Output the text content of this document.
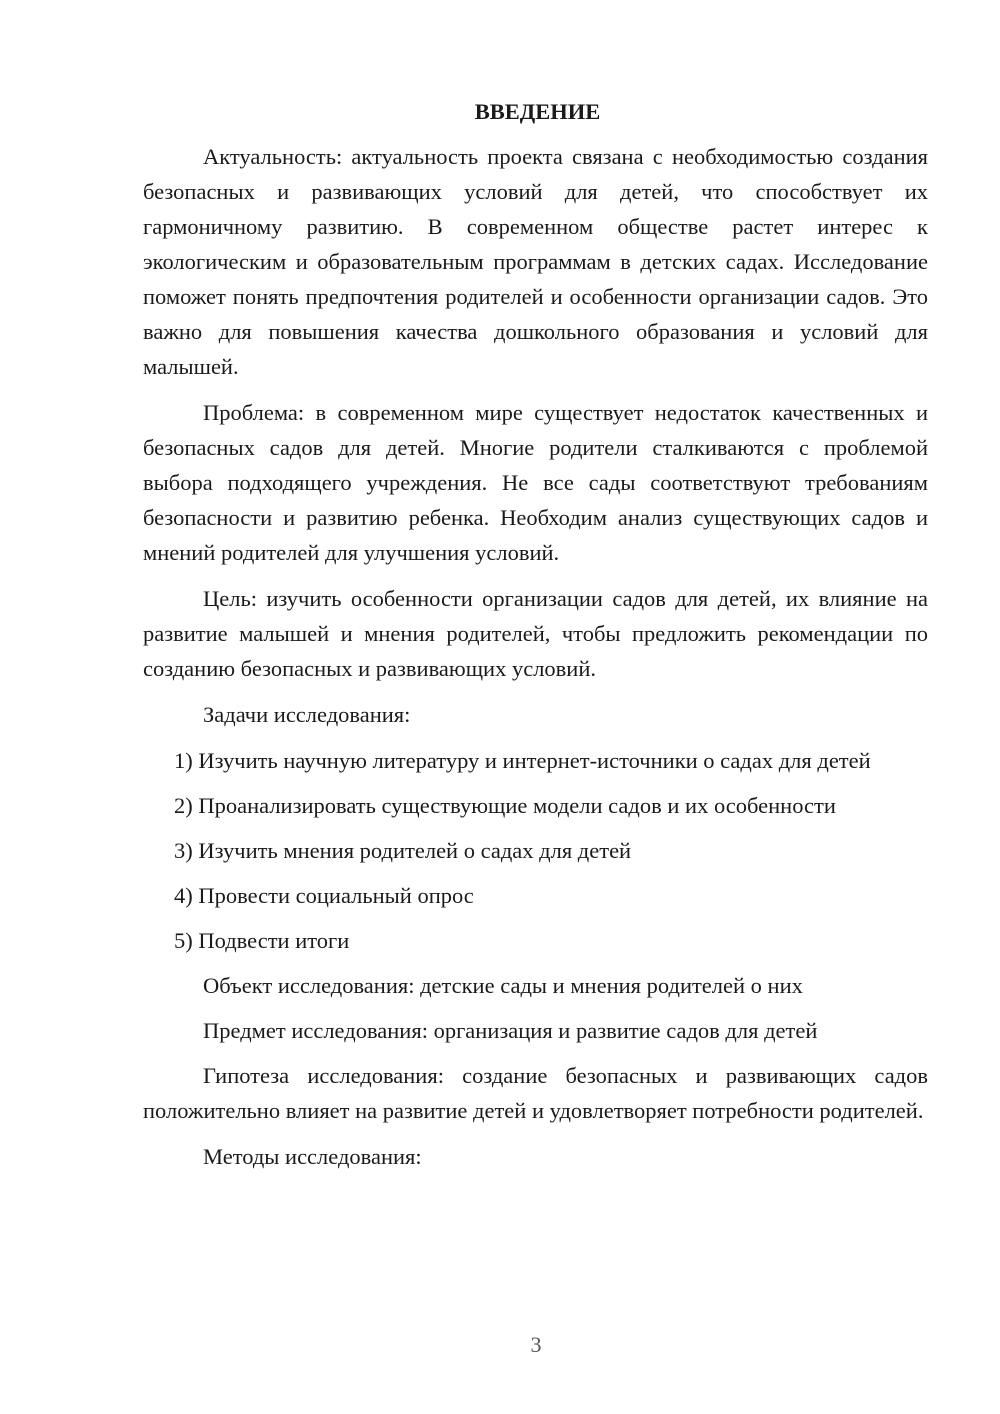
ВВЕДЕНИЕ

Актуальность: актуальность проекта связана с необходимостью создания безопасных и развивающих условий для детей, что способствует их гармоничному развитию. В современном обществе растет интерес к экологическим и образовательным программам в детских садах. Исследование поможет понять предпочтения родителей и особенности организации садов. Это важно для повышения качества дошкольного образования и условий для малышей.

Проблема: в современном мире существует недостаток качественных и безопасных садов для детей. Многие родители сталкиваются с проблемой выбора подходящего учреждения. Не все сады соответствуют требованиям безопасности и развитию ребенка. Необходим анализ существующих садов и мнений родителей для улучшения условий.

Цель: изучить особенности организации садов для детей, их влияние на развитие малышей и мнения родителей, чтобы предложить рекомендации по созданию безопасных и развивающих условий.

Задачи исследования:

1) Изучить научную литературу и интернет-источники о садах для детей

2) Проанализировать существующие модели садов и их особенности

3) Изучить мнения родителей о садах для детей

4) Провести социальный опрос

5) Подвести итоги

Объект исследования: детские сады и мнения родителей о них

Предмет исследования: организация и развитие садов для детей

Гипотеза исследования: создание безопасных и развивающих садов положительно влияет на развитие детей и удовлетворяет потребности родителей.

Методы исследования:

3
